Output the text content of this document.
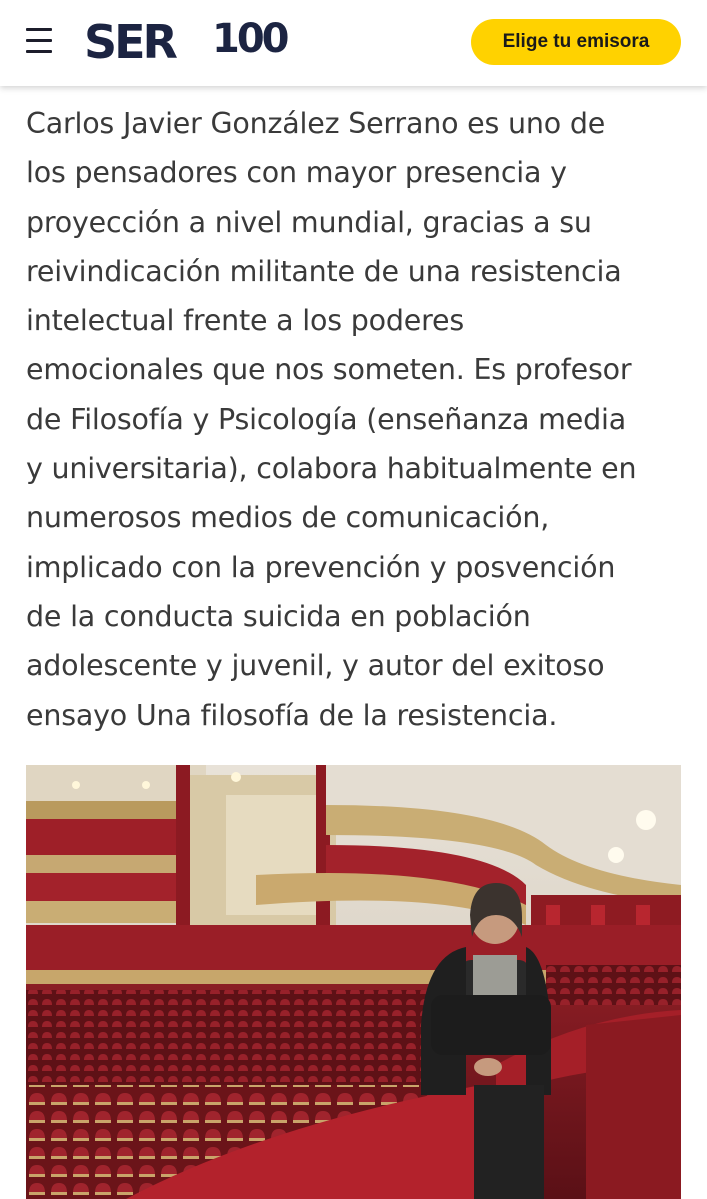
SER 100	Elige tu emisora
Carlos Javier González Serrano es uno de
los pensadores con mayor presencia y
proyección a nivel mundial, gracias a su
reivindicación militante de una resistencia
intelectual frente a los poderes
emocionales que nos someten. Es profesor
de Filosofía y Psicología (enseñanza media
y universitaria), colabora habitualmente en
numerosos medios de comunicación,
implicado con la prevención y posvención
de la conducta suicida en población
adolescente y juvenil, y autor del exitoso
ensayo Una filosofía de la resistencia.
